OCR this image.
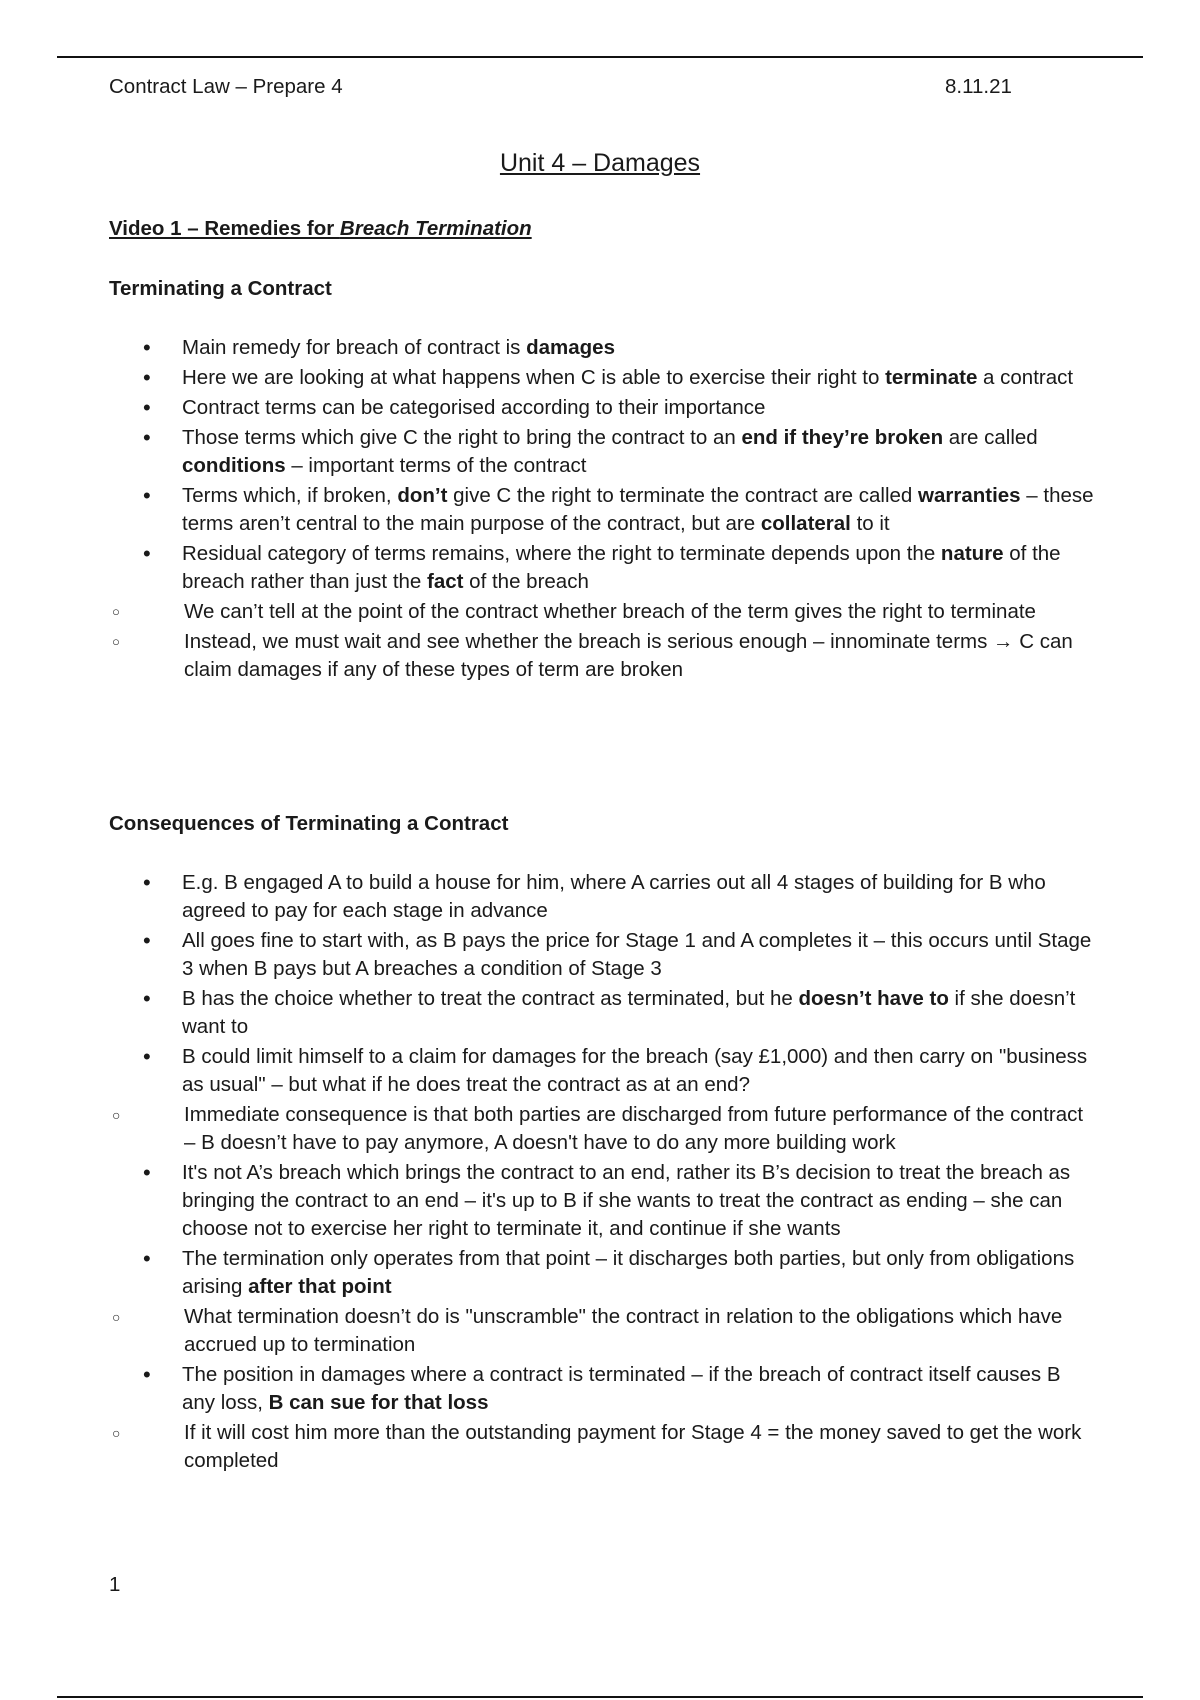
Contract Law – Prepare 4	8.11.21
Unit 4 – Damages
Video 1 – Remedies for Breach Termination
Terminating a Contract
• Main remedy for breach of contract is damages
• Here we are looking at what happens when C is able to exercise their right to terminate a contract
• Contract terms can be categorised according to their importance
• Those terms which give C the right to bring the contract to an end if they’re broken are called conditions – important terms of the contract
• Terms which, if broken, don’t give C the right to terminate the contract are called warranties – these terms aren’t central to the main purpose of the contract, but are collateral to it
• Residual category of terms remains, where the right to terminate depends upon the nature of the breach rather than just the fact of the breach
○ We can’t tell at the point of the contract whether breach of the term gives the right to terminate
○ Instead, we must wait and see whether the breach is serious enough – innominate terms → C can claim damages if any of these types of term are broken
Consequences of Terminating a Contract
• E.g. B engaged A to build a house for him, where A carries out all 4 stages of building for B who agreed to pay for each stage in advance
• All goes fine to start with, as B pays the price for Stage 1 and A completes it – this occurs until Stage 3 when B pays but A breaches a condition of Stage 3
• B has the choice whether to treat the contract as terminated, but he doesn’t have to if she doesn’t want to
• B could limit himself to a claim for damages for the breach (say £1,000) and then carry on "business as usual" – but what if he does treat the contract as at an end?
○ Immediate consequence is that both parties are discharged from future performance of the contract – B doesn’t have to pay anymore, A doesn't have to do any more building work
• It's not A’s breach which brings the contract to an end, rather its B’s decision to treat the breach as bringing the contract to an end – it's up to B if she wants to treat the contract as ending – she can choose not to exercise her right to terminate it, and continue if she wants
• The termination only operates from that point – it discharges both parties, but only from obligations arising after that point
○ What termination doesn’t do is "unscramble" the contract in relation to the obligations which have accrued up to termination
• The position in damages where a contract is terminated – if the breach of contract itself causes B any loss, B can sue for that loss
○ If it will cost him more than the outstanding payment for Stage 4 = the money saved to get the work completed
1
